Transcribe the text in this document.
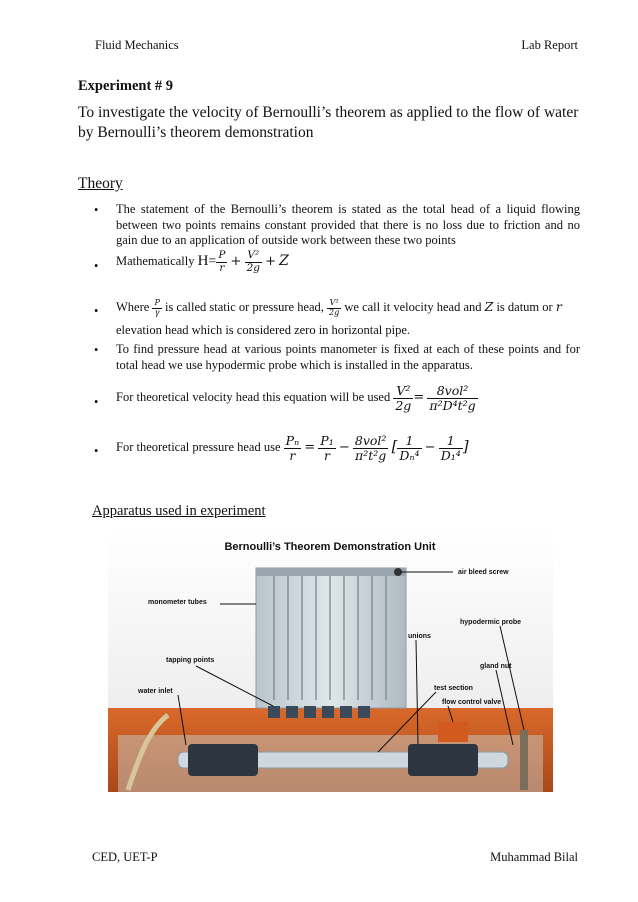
Fluid Mechanics	Lab Report
Experiment # 9
To investigate the velocity of Bernoulli’s theorem as applied to the flow of water by Bernoulli’s theorem demonstration
Theory
• The statement of the Bernoulli’s theorem is stated as the total head of a liquid flowing between two points remains constant provided that there is no loss due to friction and no gain due to an application of outside work between these two points
• Mathematically $H= \frac{P}{r} + \frac{\text{V²}}{2g} + Z$
• Where $\frac{P}{\gamma}$ is called static or pressure head, $\frac{\text{V²}}{2g}$ we call it velocity head and Z is datum or r
elevation head which is considered zero in horizontal pipe.
• To find pressure head at various points manometer is fixed at each of these points and for total head we use hypodermic probe which is installed in the apparatus.
• For theoretical velocity head this equation will be used $\frac{\text{V²}}{2g} = \frac{\text{8vol²}}{\text{π²D⁴t²g}}$
• For theoretical pressure head use $\frac{\text{Pₙ}}{r} = \frac{\text{P₁}}{r} - \frac{\text{8vol²}}{\text{π²t²g}}$ [ $\frac{1}{\text{Dₙ⁴}} - \frac{1}{\text{D₁⁴}}$ ]
Apparatus used in experiment
Bernoulli’s Theorem Demonstration Unit
air bleed screw
monometer tubes
hypodermic probe
unions
tapping points
gland nut
water inlet	test section
flow control valve
CED, UET-P	Muhammad Bilal
